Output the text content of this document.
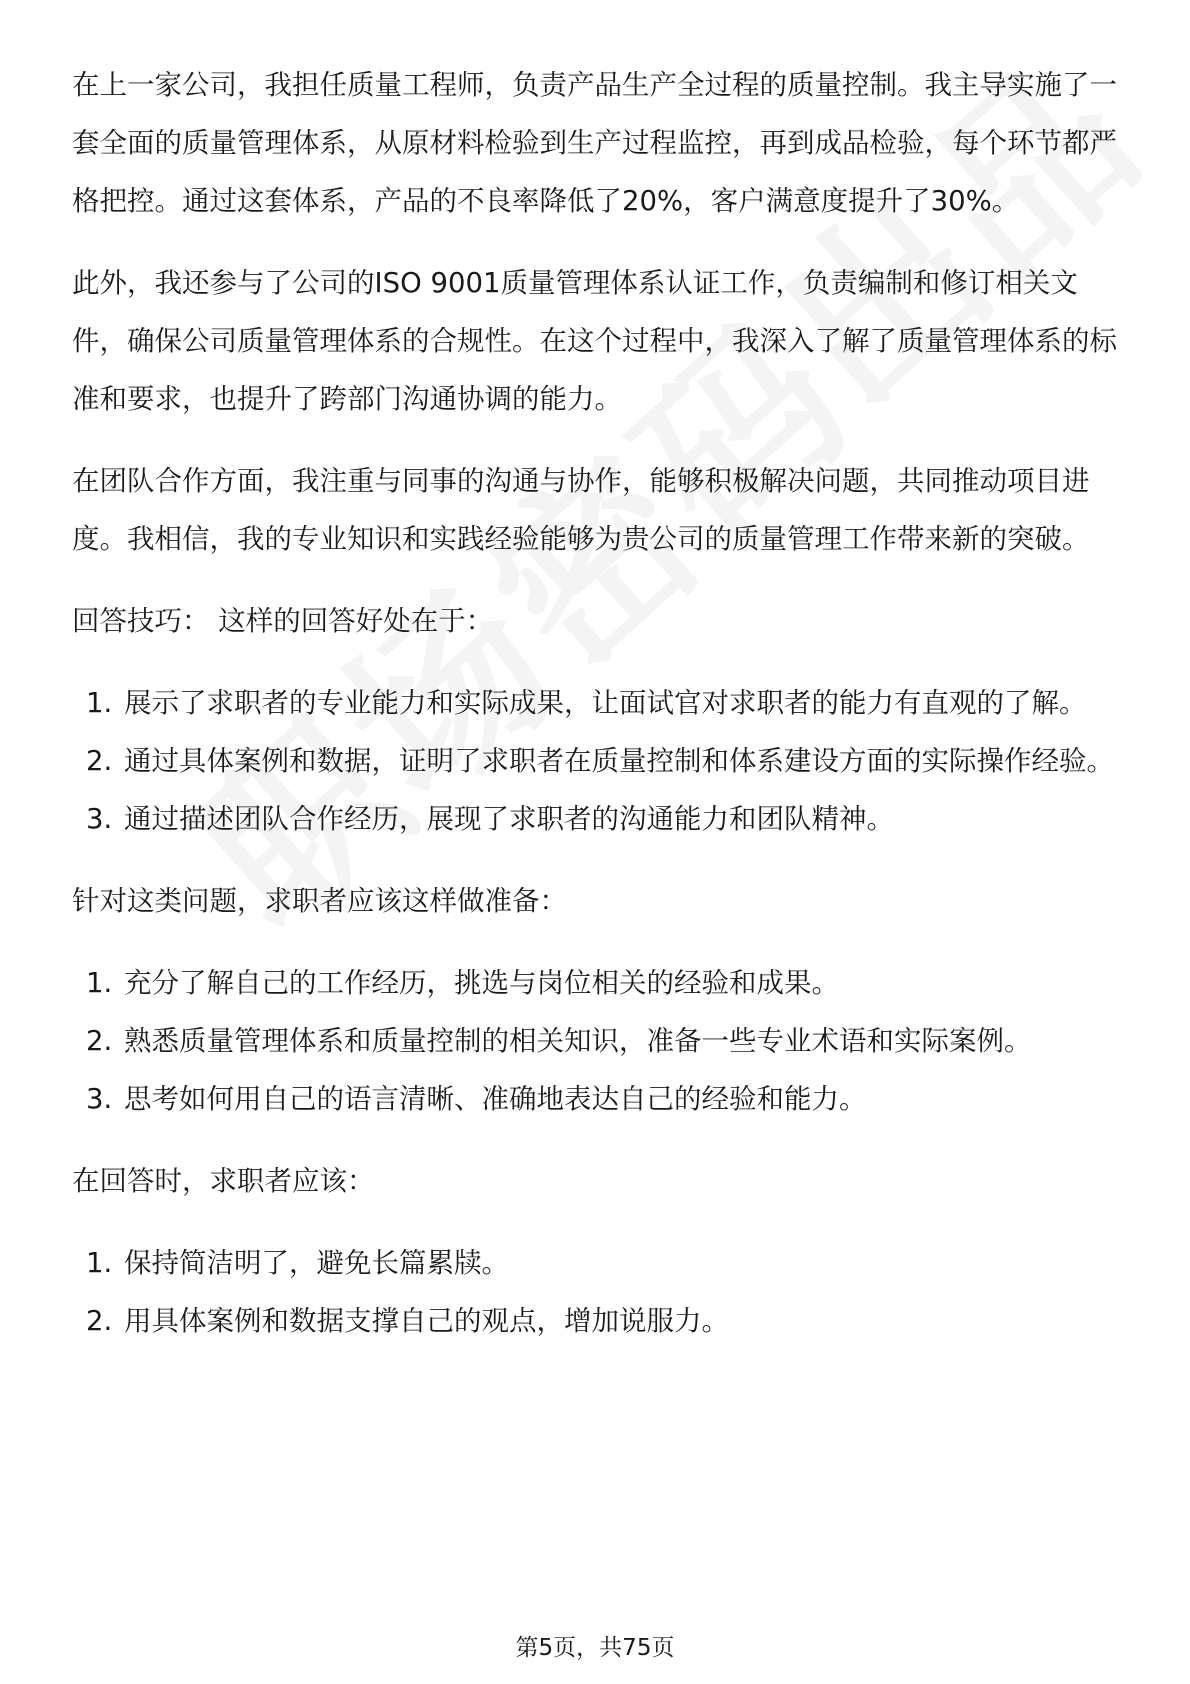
在上一家公司，我担任质量工程师，负责产品生产全过程的质量控制。我主导实施了一套全面的质量管理体系，从原材料检验到生产过程监控，再到成品检验，每个环节都严格把控。通过这套体系，产品的不良率降低了20%，客户满意度提升了30%。

此外，我还参与了公司的ISO 9001质量管理体系认证工作，负责编制和修订相关文件，确保公司质量管理体系的合规性。在这个过程中，我深入了解了质量管理体系的标准和要求，也提升了跨部门沟通协调的能力。

在团队合作方面，我注重与同事的沟通与协作，能够积极解决问题，共同推动项目进度。我相信，我的专业知识和实践经验能够为贵公司的质量管理工作带来新的突破。

回答技巧： 这样的回答好处在于：

1. 展示了求职者的专业能力和实际成果，让面试官对求职者的能力有直观的了解。
2. 通过具体案例和数据，证明了求职者在质量控制和体系建设方面的实际操作经验。
3. 通过描述团队合作经历，展现了求职者的沟通能力和团队精神。

针对这类问题，求职者应该这样做准备：

1. 充分了解自己的工作经历，挑选与岗位相关的经验和成果。
2. 熟悉质量管理体系和质量控制的相关知识，准备一些专业术语和实际案例。
3. 思考如何用自己的语言清晰、准确地表达自己的经验和能力。

在回答时，求职者应该：

1. 保持简洁明了，避免长篇累牍。
2. 用具体案例和数据支撑自己的观点，增加说服力。
第5页，共75页
